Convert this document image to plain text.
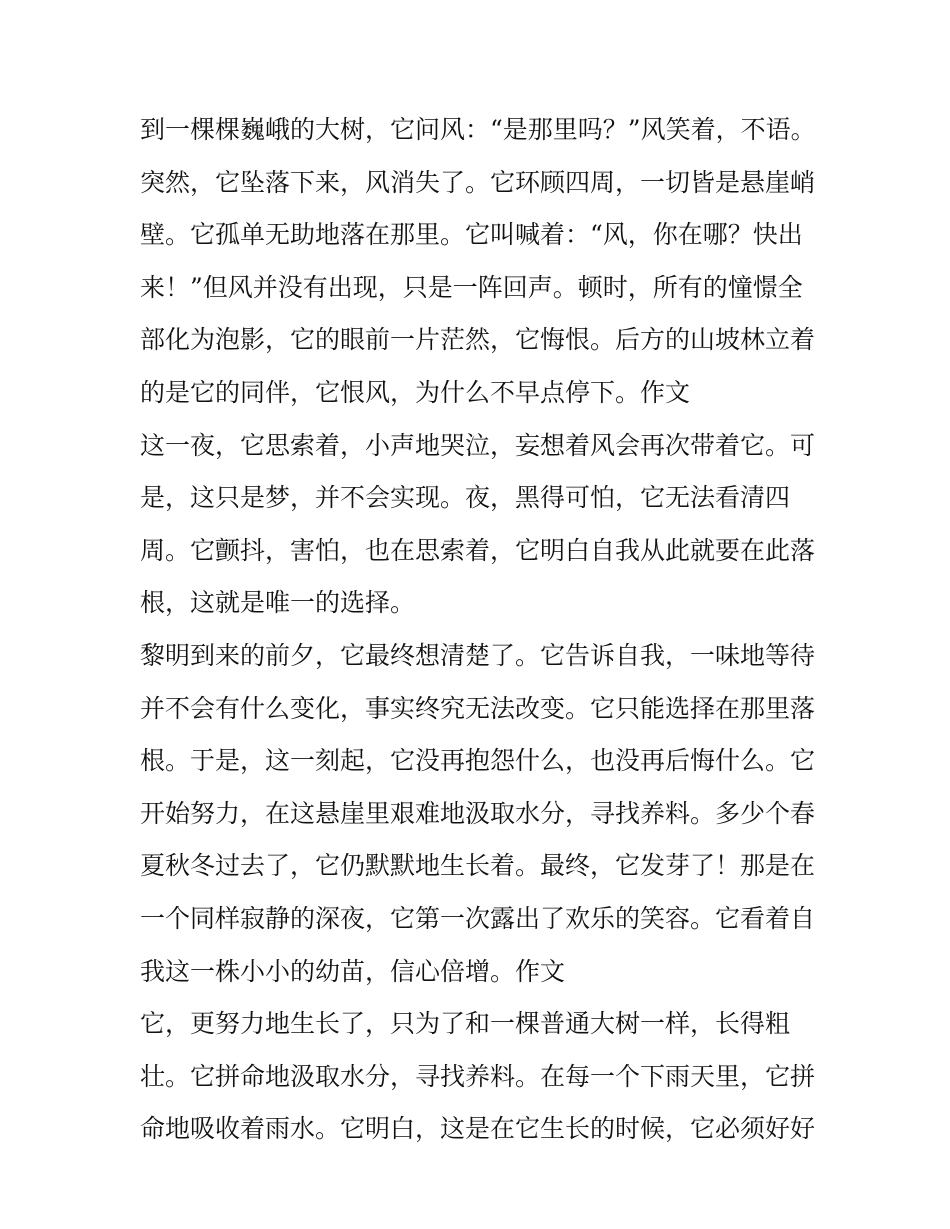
到一棵棵巍峨的大树，它问风：“是那里吗？”风笑着，不语。
突然，它坠落下来，风消失了。它环顾四周，一切皆是悬崖峭
壁。它孤单无助地落在那里。它叫喊着：“风，你在哪？快出
来！”但风并没有出现，只是一阵回声。顿时，所有的憧憬全
部化为泡影，它的眼前一片茫然，它悔恨。后方的山坡林立着
的是它的同伴，它恨风，为什么不早点停下。作文
这一夜，它思索着，小声地哭泣，妄想着风会再次带着它。可
是，这只是梦，并不会实现。夜，黑得可怕，它无法看清四
周。它颤抖，害怕，也在思索着，它明白自我从此就要在此落
根，这就是唯一的选择。
黎明到来的前夕，它最终想清楚了。它告诉自我，一味地等待
并不会有什么变化，事实终究无法改变。它只能选择在那里落
根。于是，这一刻起，它没再抱怨什么，也没再后悔什么。它
开始努力，在这悬崖里艰难地汲取水分，寻找养料。多少个春
夏秋冬过去了，它仍默默地生长着。最终，它发芽了！那是在
一个同样寂静的深夜，它第一次露出了欢乐的笑容。它看着自
我这一株小小的幼苗，信心倍增。作文
它，更努力地生长了，只为了和一棵普通大树一样，长得粗
壮。它拼命地汲取水分，寻找养料。在每一个下雨天里，它拼
命地吸收着雨水。它明白，这是在它生长的时候，它必须好好
